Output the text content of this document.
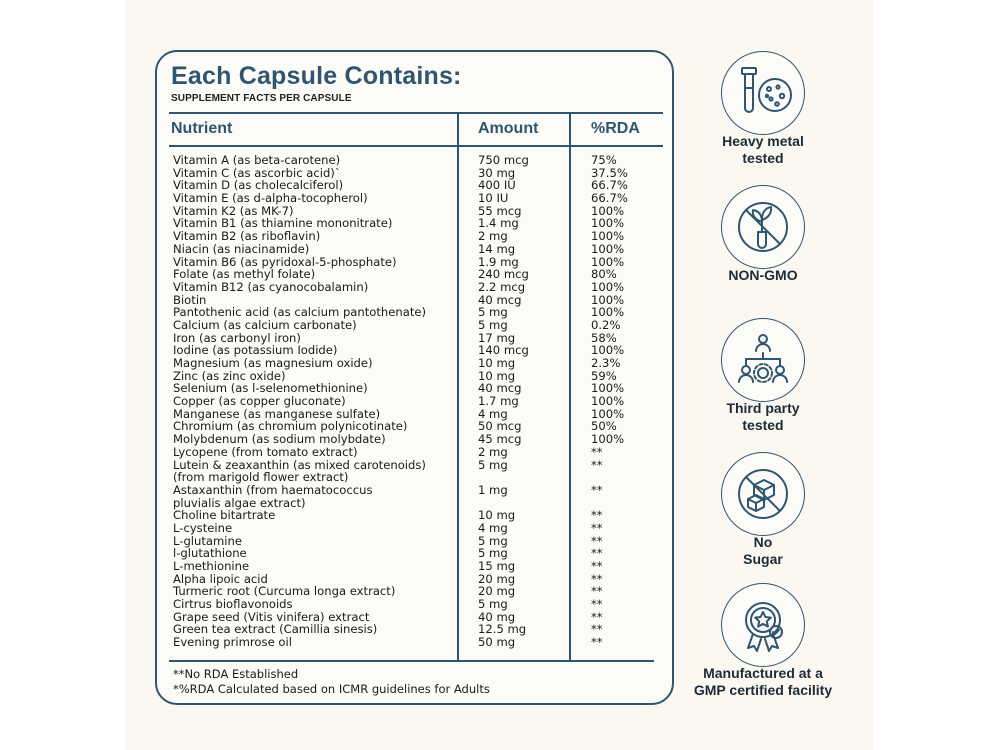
Each Capsule Contains:
SUPPLEMENT FACTS PER CAPSULE
Nutrient	Amount	%RDA
Vitamin A (as beta-carotene)	750 mcg	75%
Vitamin C (as ascorbic acid)`	30 mg	37.5%
Vitamin D (as cholecalciferol)	400 IU	66.7%
Vitamin E (as d-alpha-tocopherol)	10 IU	66.7%
Vitamin K2 (as MK-7)	55 mcg	100%
Vitamin B1 (as thiamine mononitrate)	1.4 mg	100%
Vitamin B2 (as riboflavin)	2 mg	100%
Niacin (as niacinamide)	14 mg	100%
Vitamin B6 (as pyridoxal-5-phosphate)	1.9 mg	100%
Folate (as methyl folate)	240 mcg	80%
Vitamin B12 (as cyanocobalamin)	2.2 mcg	100%
Biotin	40 mcg	100%
Pantothenic acid (as calcium pantothenate)	5 mg	100%
Calcium (as calcium carbonate)	5 mg	0.2%
Iron (as carbonyl iron)	17 mg	58%
Iodine (as potassium Iodide)	140 mcg	100%
Magnesium (as magnesium oxide)	10 mg	2.3%
Zinc (as zinc oxide)	10 mg	59%
Selenium (as l-selenomethionine)	40 mcg	100%
Copper (as copper gluconate)	1.7 mg	100%
Manganese (as manganese sulfate)	4 mg	100%
Chromium (as chromium polynicotinate)	50 mcg	50%
Molybdenum (as sodium molybdate)	45 mcg	100%
Lycopene (from tomato extract)	2 mg	**
Lutein & zeaxanthin (as mixed carotenoids)	5 mg	**
(from marigold flower extract)
Astaxanthin (from haematococcus	1 mg	**
pluvialis algae extract)
Choline bitartrate	10 mg	**
L-cysteine	4 mg	**
L-glutamine	5 mg	**
l-glutathione	5 mg	**
L-methionine	15 mg	**
Alpha lipoic acid	20 mg	**
Turmeric root (Curcuma longa extract)	20 mg	**
Cirtrus bioflavonoids	5 mg	**
Grape seed (Vitis vinifera) extract	40 mg	**
Green tea extract (Camillia sinesis)	12.5 mg	**
Evening primrose oil	50 mg	**
**No RDA Established
*%RDA Calculated based on ICMR guidelines for Adults
Heavy metal
tested
NON-GMO
Third party
tested
No
Sugar
Manufactured at a
GMP certified facility
